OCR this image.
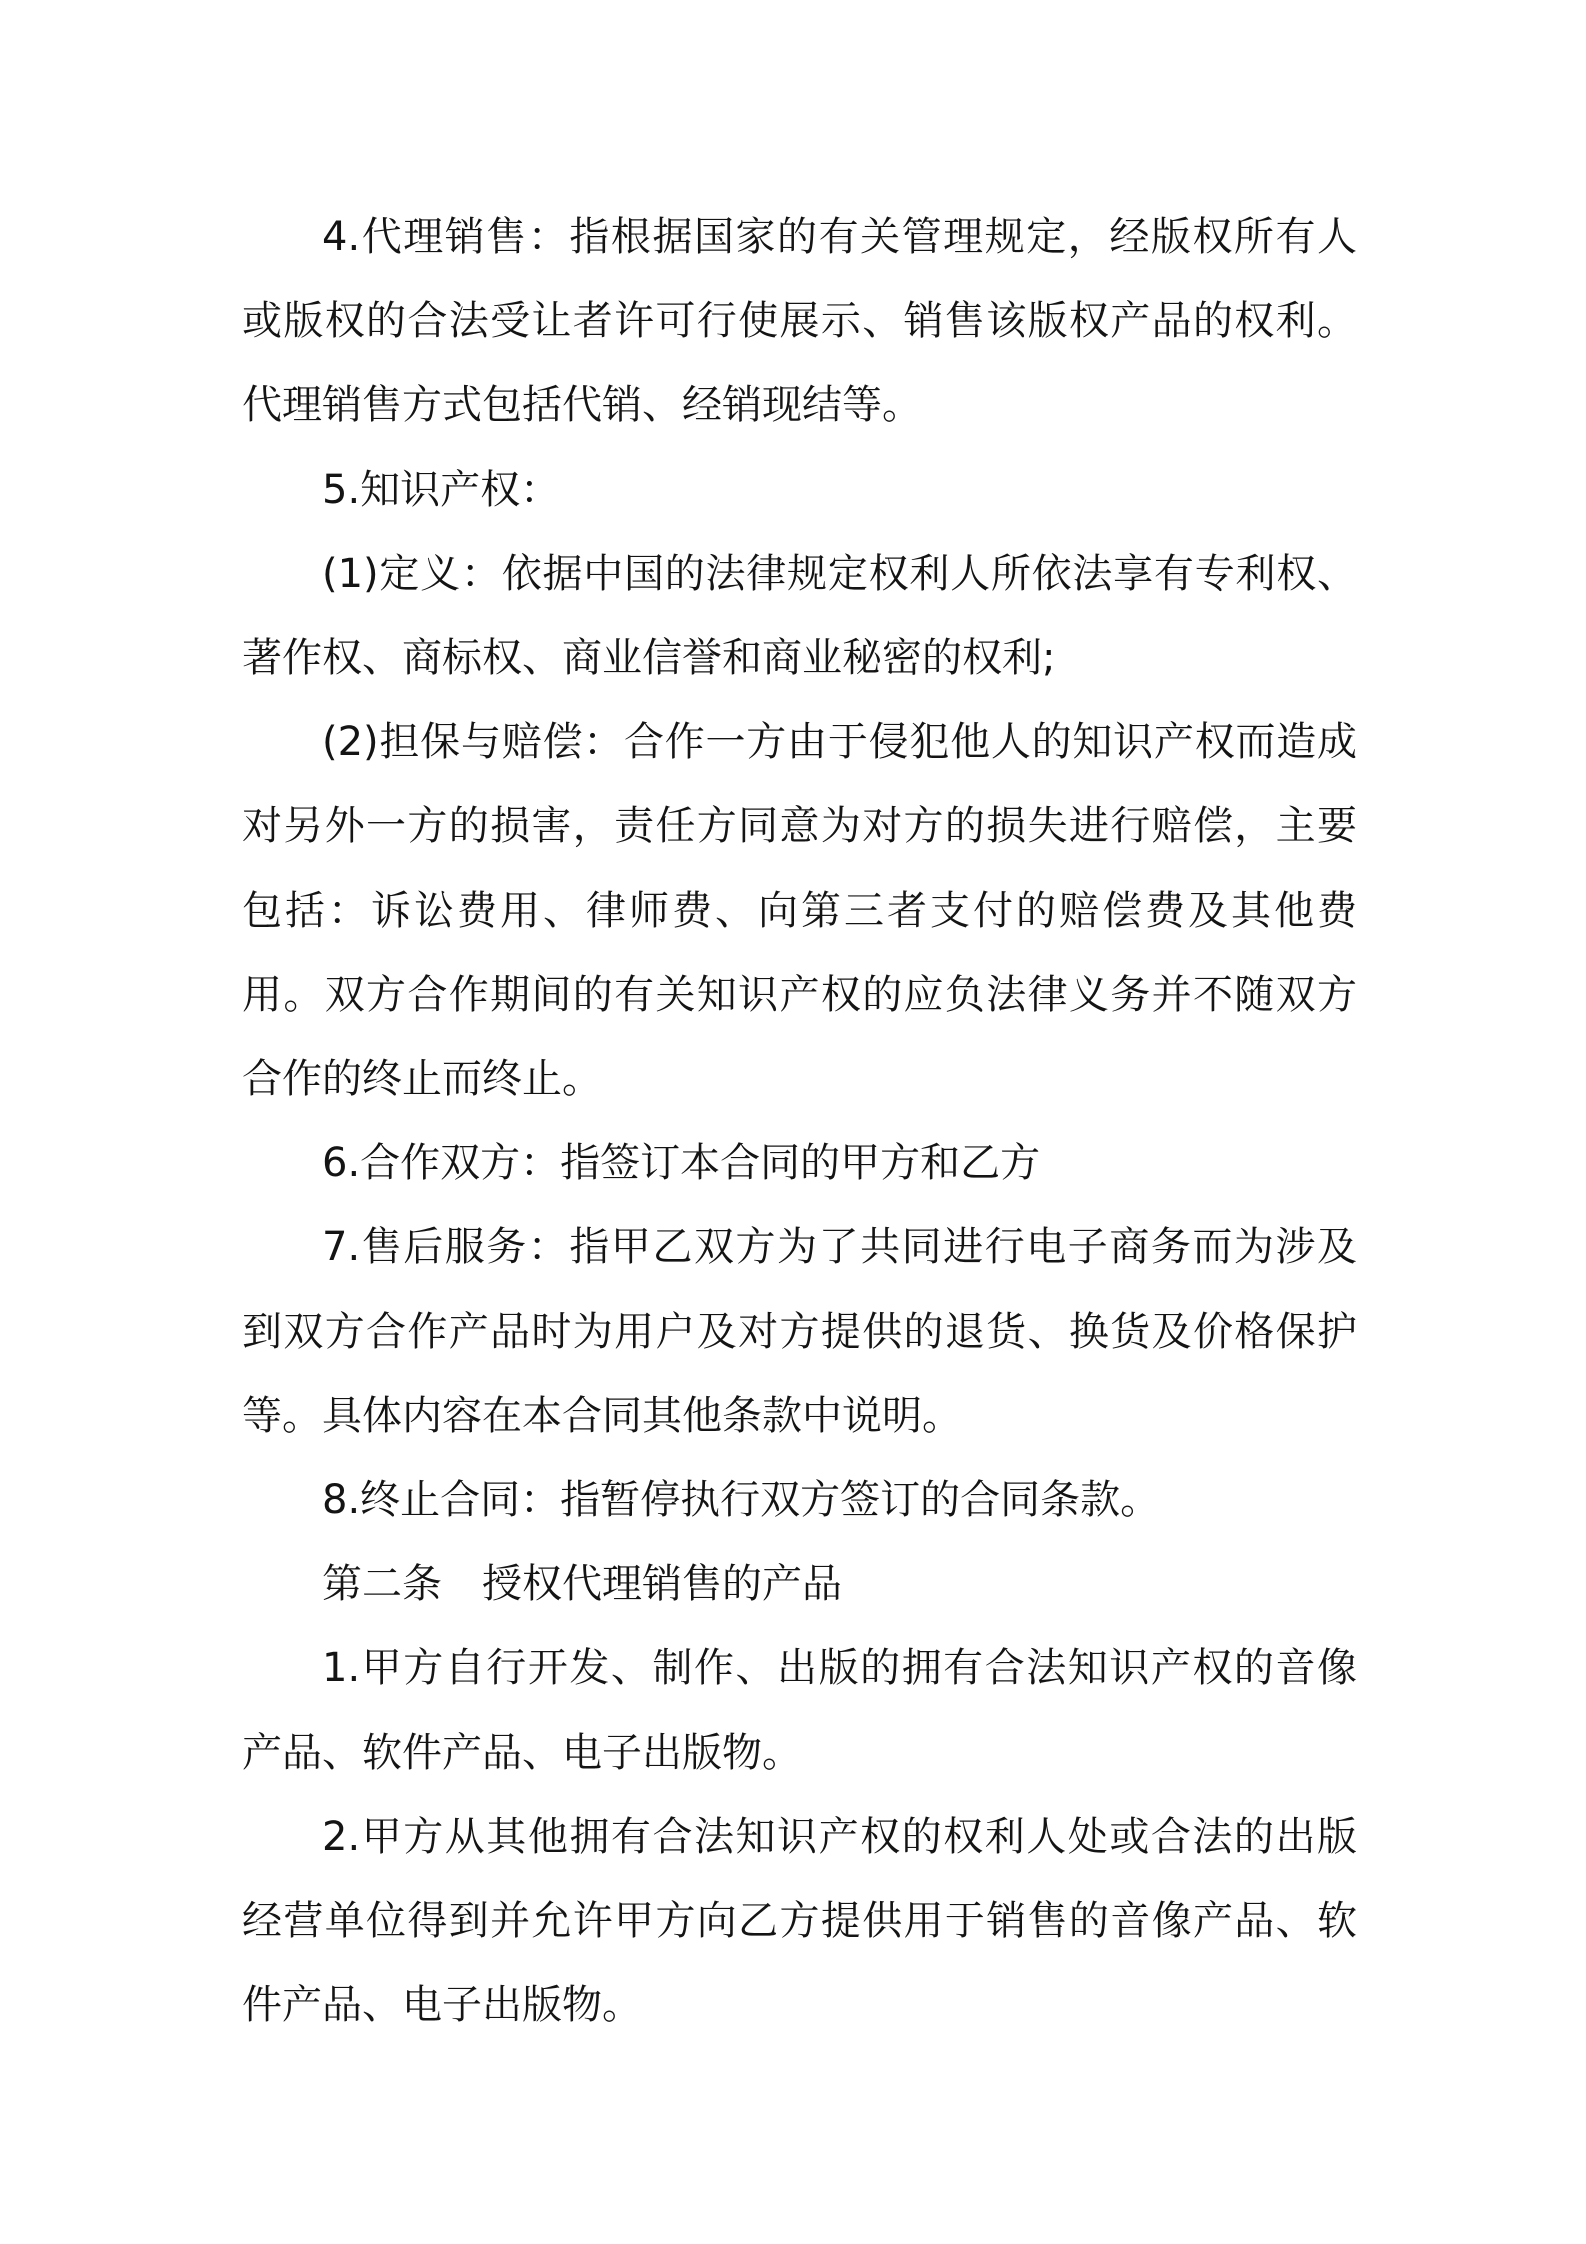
4.代理销售：指根据国家的有关管理规定，经版权所有人或版权的合法受让者许可行使展示、销售该版权产品的权利。代理销售方式包括代销、经销现结等。

5.知识产权：

(1)定义：依据中国的法律规定权利人所依法享有专利权、著作权、商标权、商业信誉和商业秘密的权利;

(2)担保与赔偿：合作一方由于侵犯他人的知识产权而造成对另外一方的损害，责任方同意为对方的损失进行赔偿，主要包括：诉讼费用、律师费、向第三者支付的赔偿费及其他费用。双方合作期间的有关知识产权的应负法律义务并不随双方合作的终止而终止。

6.合作双方：指签订本合同的甲方和乙方

7.售后服务：指甲乙双方为了共同进行电子商务而为涉及到双方合作产品时为用户及对方提供的退货、换货及价格保护等。具体内容在本合同其他条款中说明。

8.终止合同：指暂停执行双方签订的合同条款。

第二条　授权代理销售的产品

1.甲方自行开发、制作、出版的拥有合法知识产权的音像产品、软件产品、电子出版物。

2.甲方从其他拥有合法知识产权的权利人处或合法的出版经营单位得到并允许甲方向乙方提供用于销售的音像产品、软件产品、电子出版物。
